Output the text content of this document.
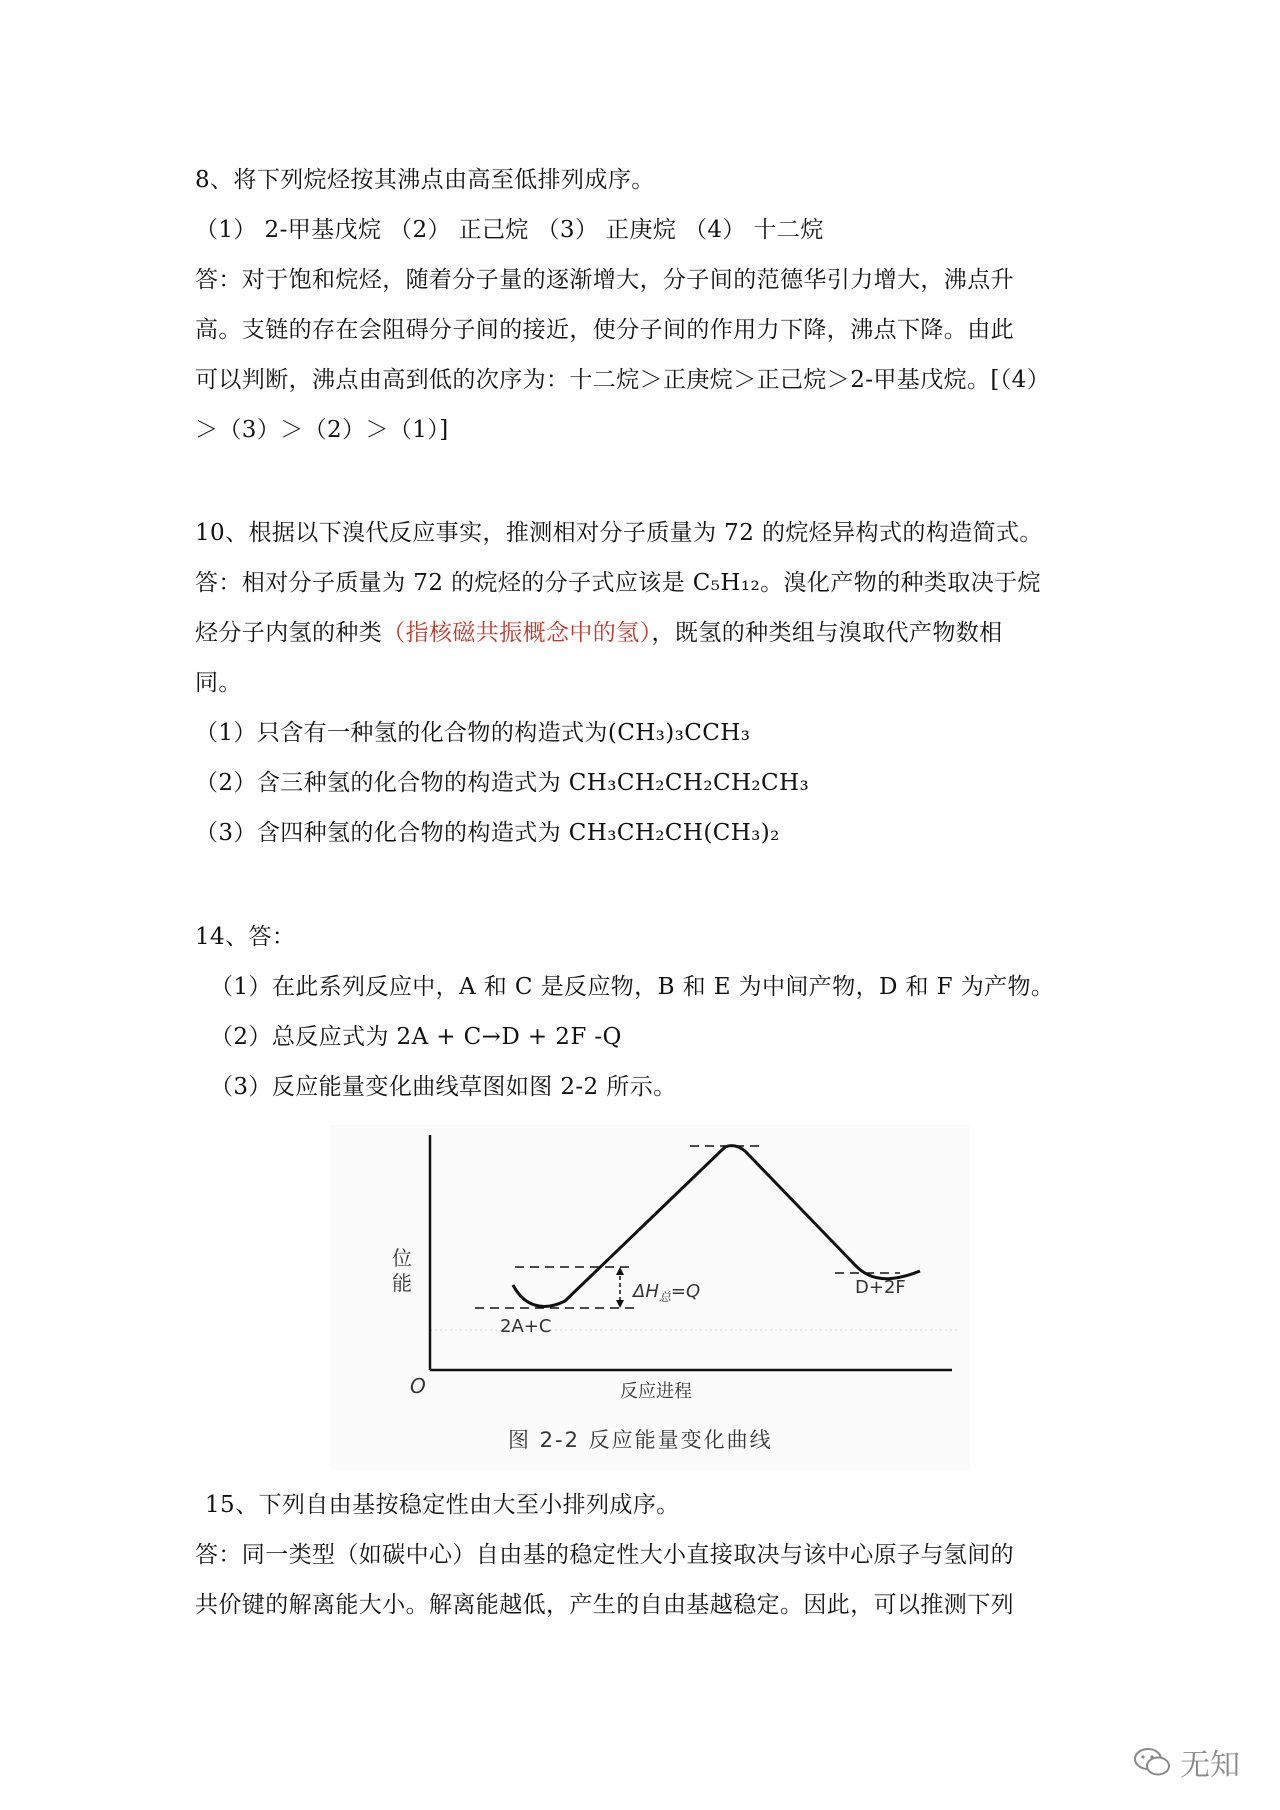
8、将下列烷烃按其沸点由高至低排列成序。
（1） 2-甲基戊烷 （2） 正己烷 （3） 正庚烷 （4） 十二烷
答：对于饱和烷烃，随着分子量的逐渐增大，分子间的范德华引力增大，沸点升
高。支链的存在会阻碍分子间的接近，使分子间的作用力下降，沸点下降。由此
可以判断，沸点由高到低的次序为：十二烷＞正庚烷＞正己烷＞2-甲基戊烷。[（4）
＞（3）＞（2）＞（1）]
10、根据以下溴代反应事实，推测相对分子质量为 72 的烷烃异构式的构造简式。
答：相对分子质量为 72 的烷烃的分子式应该是 C₅H₁₂。溴化产物的种类取决于烷
烃分子内氢的种类（指核磁共振概念中的氢），既氢的种类组与溴取代产物数相
同。
（1）只含有一种氢的化合物的构造式为(CH₃)₃CCH₃
（2）含三种氢的化合物的构造式为 CH₃CH₂CH₂CH₂CH₃
（3）含四种氢的化合物的构造式为 CH₃CH₂CH(CH₃)₂
14、答：
（1）在此系列反应中，A 和 C 是反应物，B 和 E 为中间产物，D 和 F 为产物。
（2）总反应式为 2A + C→D + 2F -Q
（3）反应能量变化曲线草图如图 2-2 所示。
位
能
O
$\Delta H_总=Q$
2A+C
D+2F
反应进程
图 2-2 反应能量变化曲线
15、下列自由基按稳定性由大至小排列成序。
答：同一类型（如碳中心）自由基的稳定性大小直接取决与该中心原子与氢间的
共价键的解离能大小。解离能越低，产生的自由基越稳定。因此，可以推测下列
无知
